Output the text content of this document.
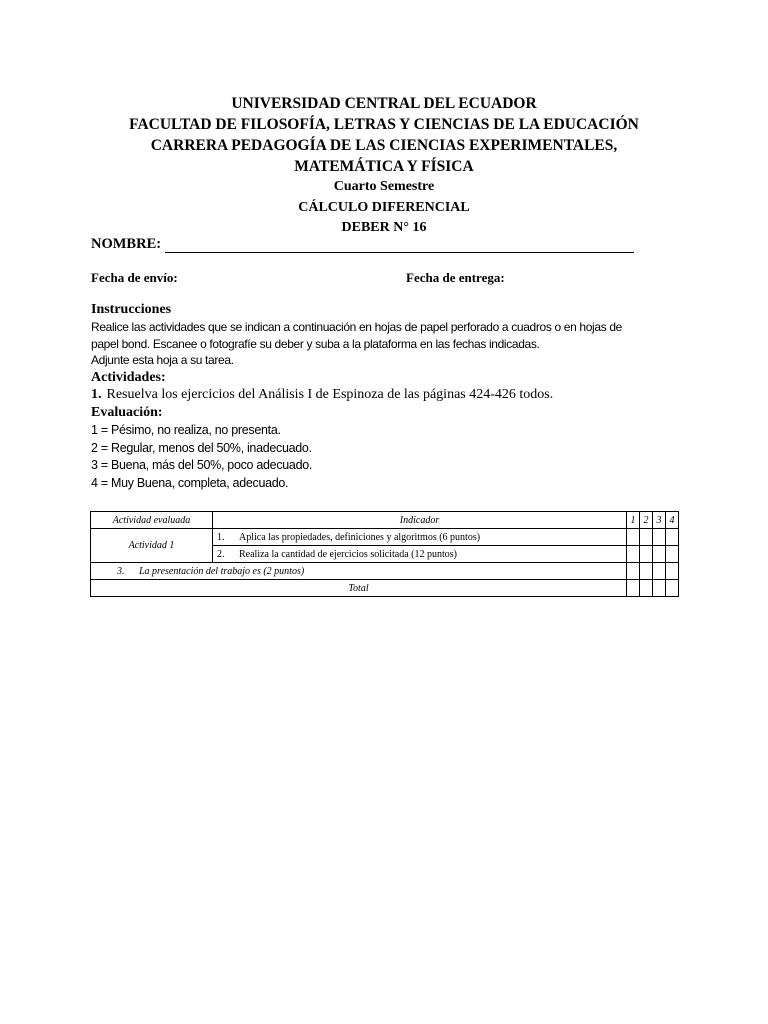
UNIVERSIDAD CENTRAL DEL ECUADOR
FACULTAD DE FILOSOFÍA, LETRAS Y CIENCIAS DE LA EDUCACIÓN
CARRERA PEDAGOGÍA DE LAS CIENCIAS EXPERIMENTALES,
MATEMÁTICA Y FÍSICA
Cuarto Semestre
CÁLCULO DIFERENCIAL
DEBER N° 16
NOMBRE:
Fecha de envío:	Fecha de entrega:
Instrucciones
Realice las actividades que se indican a continuación en hojas de papel perforado a cuadros o en hojas de
papel bond. Escanee o fotografíe su deber y suba a la plataforma en las fechas indicadas.
Adjunte esta hoja a su tarea.
Actividades:
1. Resuelva los ejercicios del Análisis I de Espinoza de las páginas 424-426 todos.
Evaluación:
1 = Pésimo, no realiza, no presenta.
2 = Regular, menos del 50%, inadecuado.
3 = Buena, más del 50%, poco adecuado.
4 = Muy Buena, completa, adecuado.
Actividad evaluada	Indicador	1	2	3	4
Actividad 1	1. Aplica las propiedades, definiciones y algoritmos (6 puntos)				
	2. Realiza la cantidad de ejercicios solicitada (12 puntos)				
3. La presentación del trabajo es (2 puntos)					
Total					
